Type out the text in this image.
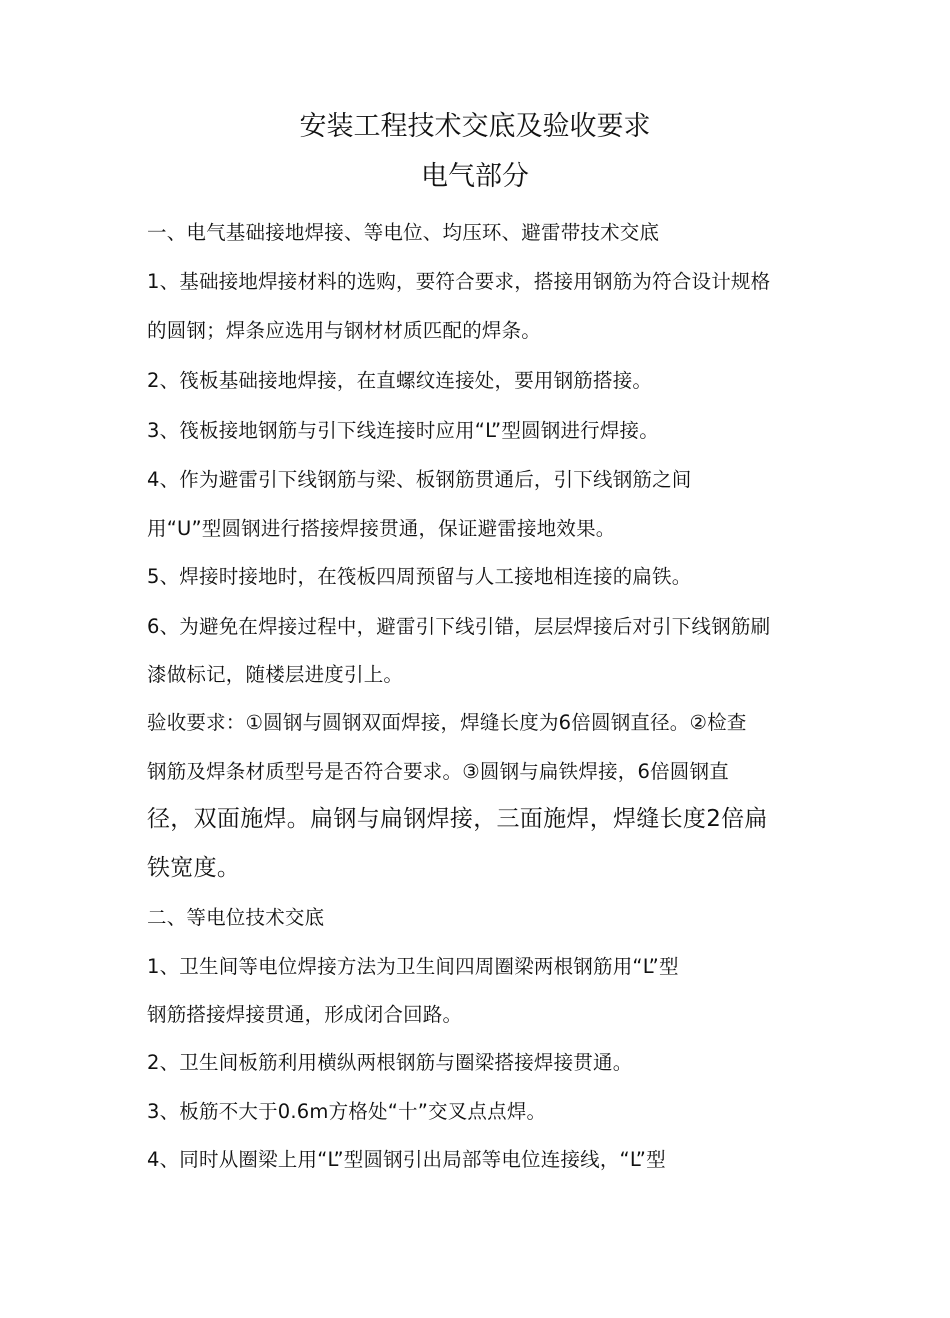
安装工程技术交底及验收要求
电气部分
一、电气基础接地焊接、等电位、均压环、避雷带技术交底
1、基础接地焊接材料的选购，要符合要求，搭接用钢筋为符合设计规格
的圆钢；焊条应选用与钢材材质匹配的焊条。
2、筏板基础接地焊接，在直螺纹连接处，要用钢筋搭接。
3、筏板接地钢筋与引下线连接时应用“L”型圆钢进行焊接。
4、作为避雷引下线钢筋与梁、板钢筋贯通后，引下线钢筋之间
用“U”型圆钢进行搭接焊接贯通，保证避雷接地效果。
5、焊接时接地时，在筏板四周预留与人工接地相连接的扁铁。
6、为避免在焊接过程中，避雷引下线引错，层层焊接后对引下线钢筋刷
漆做标记，随楼层进度引上。
验收要求：①圆钢与圆钢双面焊接，焊缝长度为6倍圆钢直径。②检查
钢筋及焊条材质型号是否符合要求。③圆钢与扁铁焊接，6倍圆钢直
径，双面施焊。扁钢与扁钢焊接，三面施焊，焊缝长度2倍扁
铁宽度。
二、等电位技术交底
1、卫生间等电位焊接方法为卫生间四周圈梁两根钢筋用“L”型
钢筋搭接焊接贯通，形成闭合回路。
2、卫生间板筋利用横纵两根钢筋与圈梁搭接焊接贯通。
3、板筋不大于0.6m方格处“十”交叉点点焊。
4、同时从圈梁上用“L”型圆钢引出局部等电位连接线，“L”型
